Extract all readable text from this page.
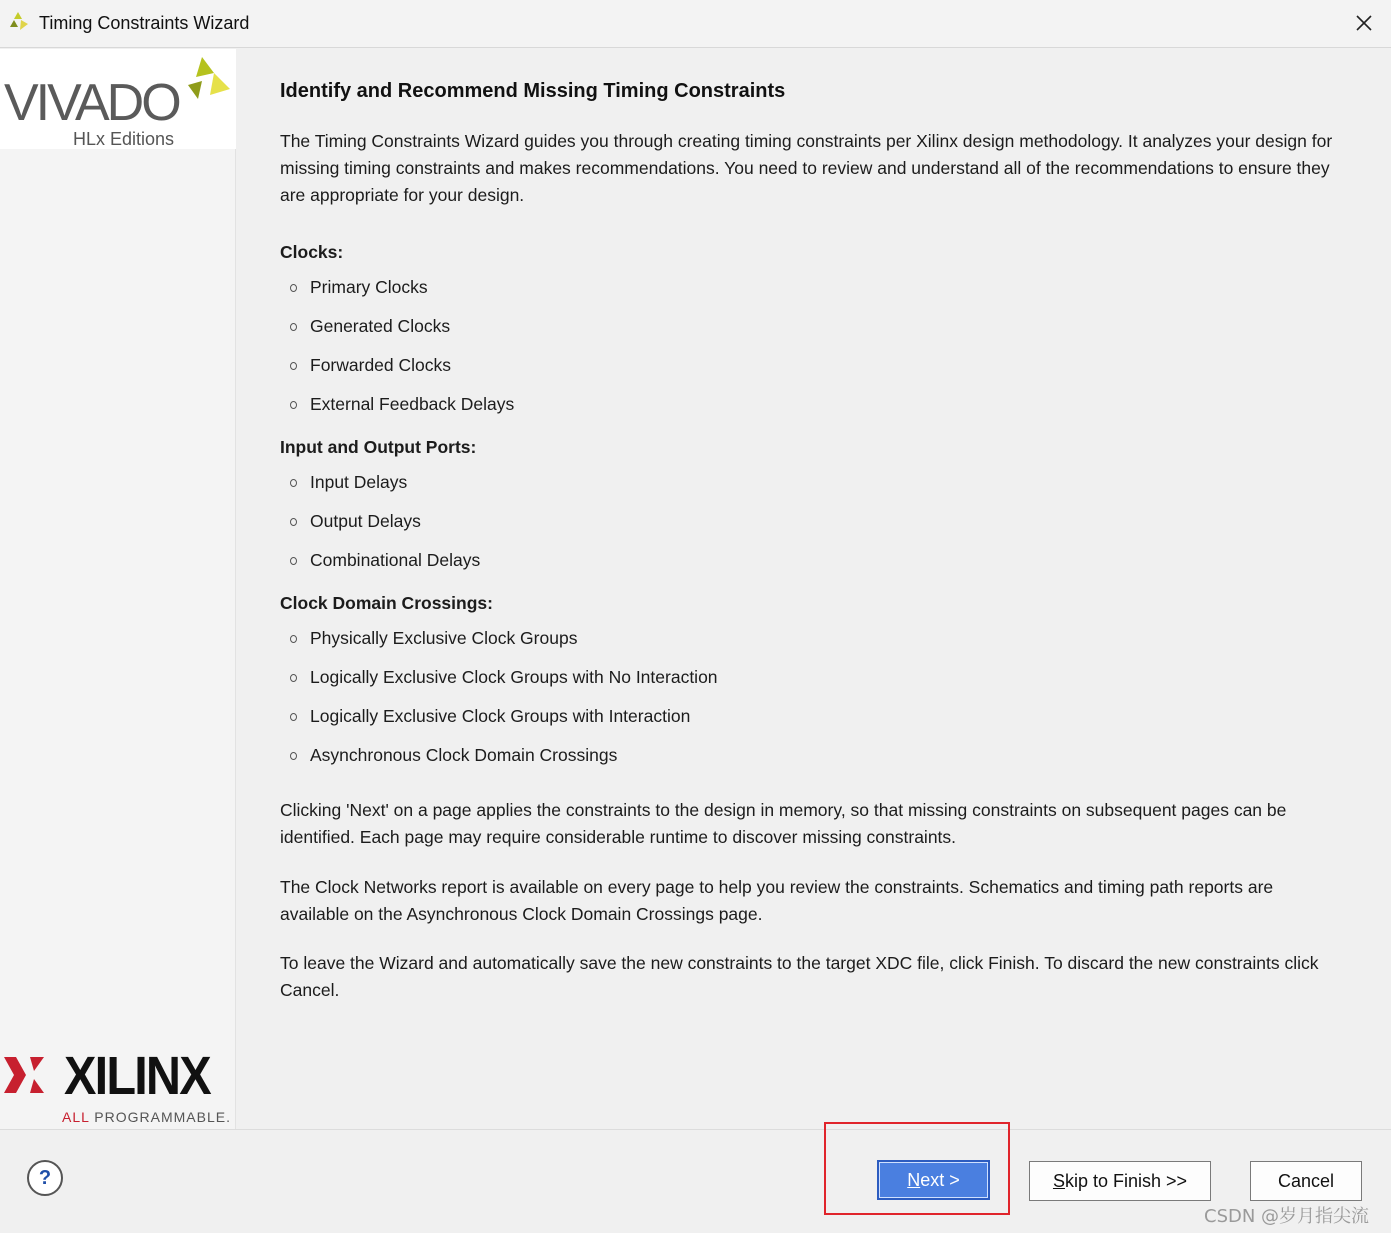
Timing Constraints Wizard
VIVADO
HLx Editions
XILINX
ALL PROGRAMMABLE.
Identify and Recommend Missing Timing Constraints
The Timing Constraints Wizard guides you through creating timing constraints per Xilinx design methodology. It analyzes your design for missing timing constraints and makes recommendations. You need to review and understand all of the recommendations to ensure they are appropriate for your design.
Clocks:
Primary Clocks
Generated Clocks
Forwarded Clocks
External Feedback Delays
Input and Output Ports:
Input Delays
Output Delays
Combinational Delays
Clock Domain Crossings:
Physically Exclusive Clock Groups
Logically Exclusive Clock Groups with No Interaction
Logically Exclusive Clock Groups with Interaction
Asynchronous Clock Domain Crossings
Clicking 'Next' on a page applies the constraints to the design in memory, so that missing constraints on subsequent pages can be identified. Each page may require considerable runtime to discover missing constraints.
The Clock Networks report is available on every page to help you review the constraints. Schematics and timing path reports are available on the Asynchronous Clock Domain Crossings page.
To leave the Wizard and automatically save the new constraints to the target XDC file, click Finish. To discard the new constraints click Cancel.
?	N ext >	S kip to Finish >>	Cancel
CSDN @岁月指尖流
